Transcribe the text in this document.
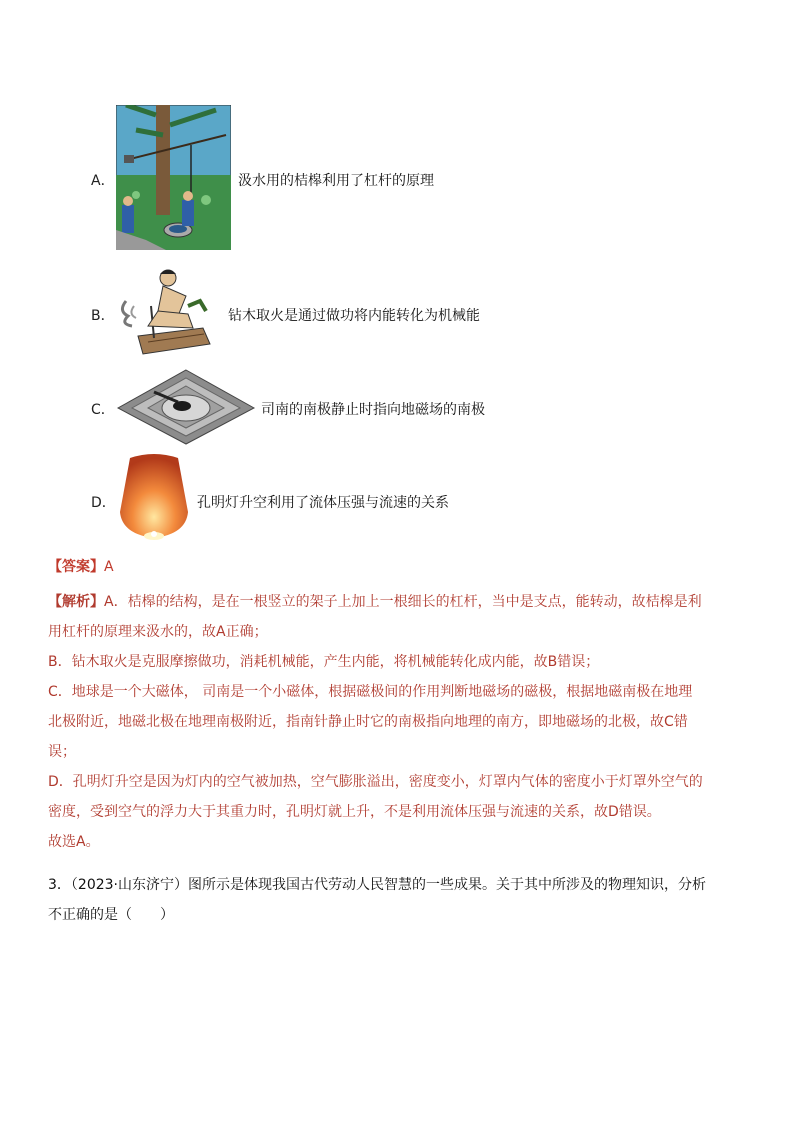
A．	汲水用的桔槔利用了杠杆的原理
B．	钻木取火是通过做功将内能转化为机械能
C．	司南的南极静止时指向地磁场的南极
D．	孔明灯升空利用了流体压强与流速的关系
【答案】A
【解析】A．桔槔的结构，是在一根竖立的架子上加上一根细长的杠杆，当中是支点，能转动，故桔槔是利
用杠杆的原理来汲水的，故A正确；
B．钻木取火是克服摩擦做功，消耗机械能，产生内能，将机械能转化成内能，故B错误；
C．地球是一个大磁体， 司南是一个小磁体，根据磁极间的作用判断地磁场的磁极，根据地磁南极在地理
北极附近，地磁北极在地理南极附近，指南针静止时它的南极指向地理的南方，即地磁场的北极，故C错
误；
D．孔明灯升空是因为灯内的空气被加热，空气膨胀溢出，密度变小，灯罩内气体的密度小于灯罩外空气的
密度，受到空气的浮力大于其重力时，孔明灯就上升，不是利用流体压强与流速的关系，故D错误。
故选A。
3．（2023·山东济宁）图所示是体现我国古代劳动人民智慧的一些成果。关于其中所涉及的物理知识，分析
不正确的是（　　）
